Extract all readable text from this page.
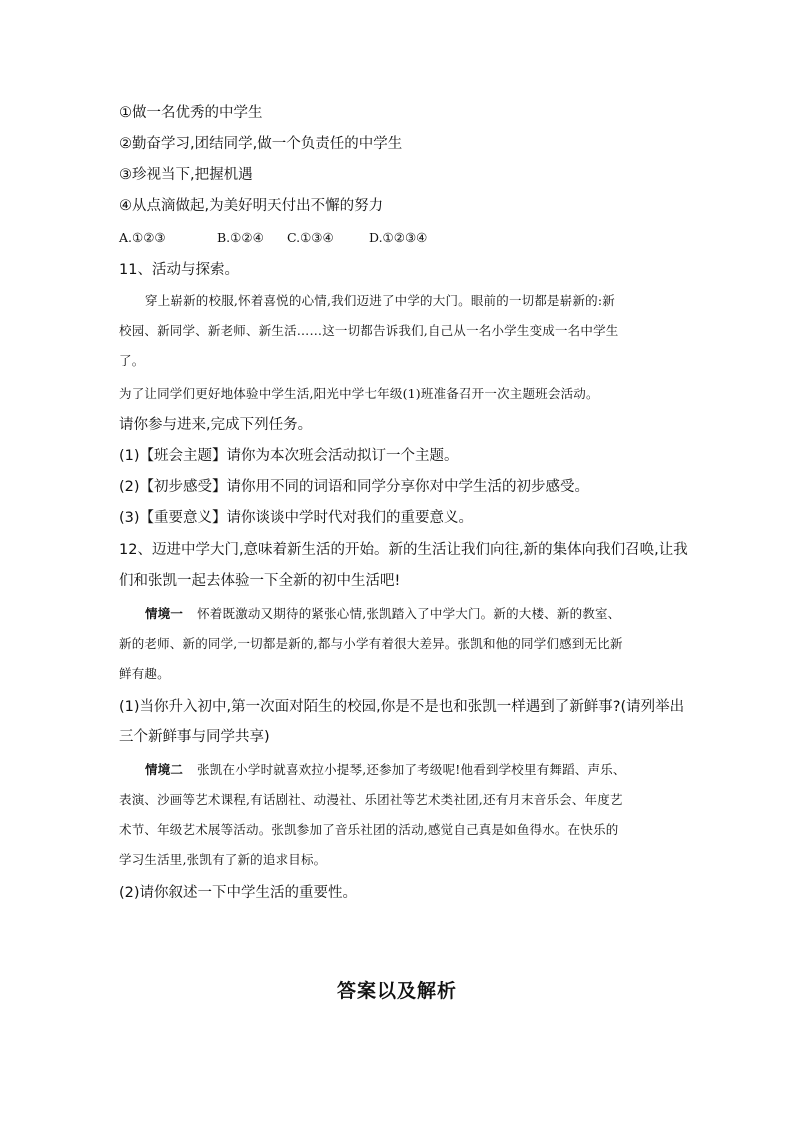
①做一名优秀的中学生
②勤奋学习,团结同学,做一个负责任的中学生
③珍视当下,把握机遇
④从点滴做起,为美好明天付出不懈的努力
A.①②③	B.①②④ C.①③④	D.①②③④
11、活动与探索。
穿上崭新的校服,怀着喜悦的心情,我们迈进了中学的大门。眼前的一切都是崭新的:新
校园、新同学、新老师、新生活……这一切都告诉我们,自己从一名小学生变成一名中学生
了。
为了让同学们更好地体验中学生活,阳光中学七年级(1)班准备召开一次主题班会活动。
请你参与进来,完成下列任务。
(1)【班会主题】请你为本次班会活动拟订一个主题。
(2)【初步感受】请你用不同的词语和同学分享你对中学生活的初步感受。
(3)【重要意义】请你谈谈中学时代对我们的重要意义。
12、迈进中学大门,意味着新生活的开始。新的生活让我们向往,新的集体向我们召唤,让我
们和张凯一起去体验一下全新的初中生活吧!
情境一 怀着既激动又期待的紧张心情,张凯踏入了中学大门。新的大楼、新的教室、
新的老师、新的同学,一切都是新的,都与小学有着很大差异。张凯和他的同学们感到无比新
鲜有趣。
(1)当你升入初中,第一次面对陌生的校园,你是不是也和张凯一样遇到了新鲜事?(请列举出
三个新鲜事与同学共享)
情境二 张凯在小学时就喜欢拉小提琴,还参加了考级呢!他看到学校里有舞蹈、声乐、
表演、沙画等艺术课程,有话剧社、动漫社、乐团社等艺术类社团,还有月末音乐会、年度艺
术节、年级艺术展等活动。张凯参加了音乐社团的活动,感觉自己真是如鱼得水。在快乐的
学习生活里,张凯有了新的追求目标。
(2)请你叙述一下中学生活的重要性。
答案以及解析
